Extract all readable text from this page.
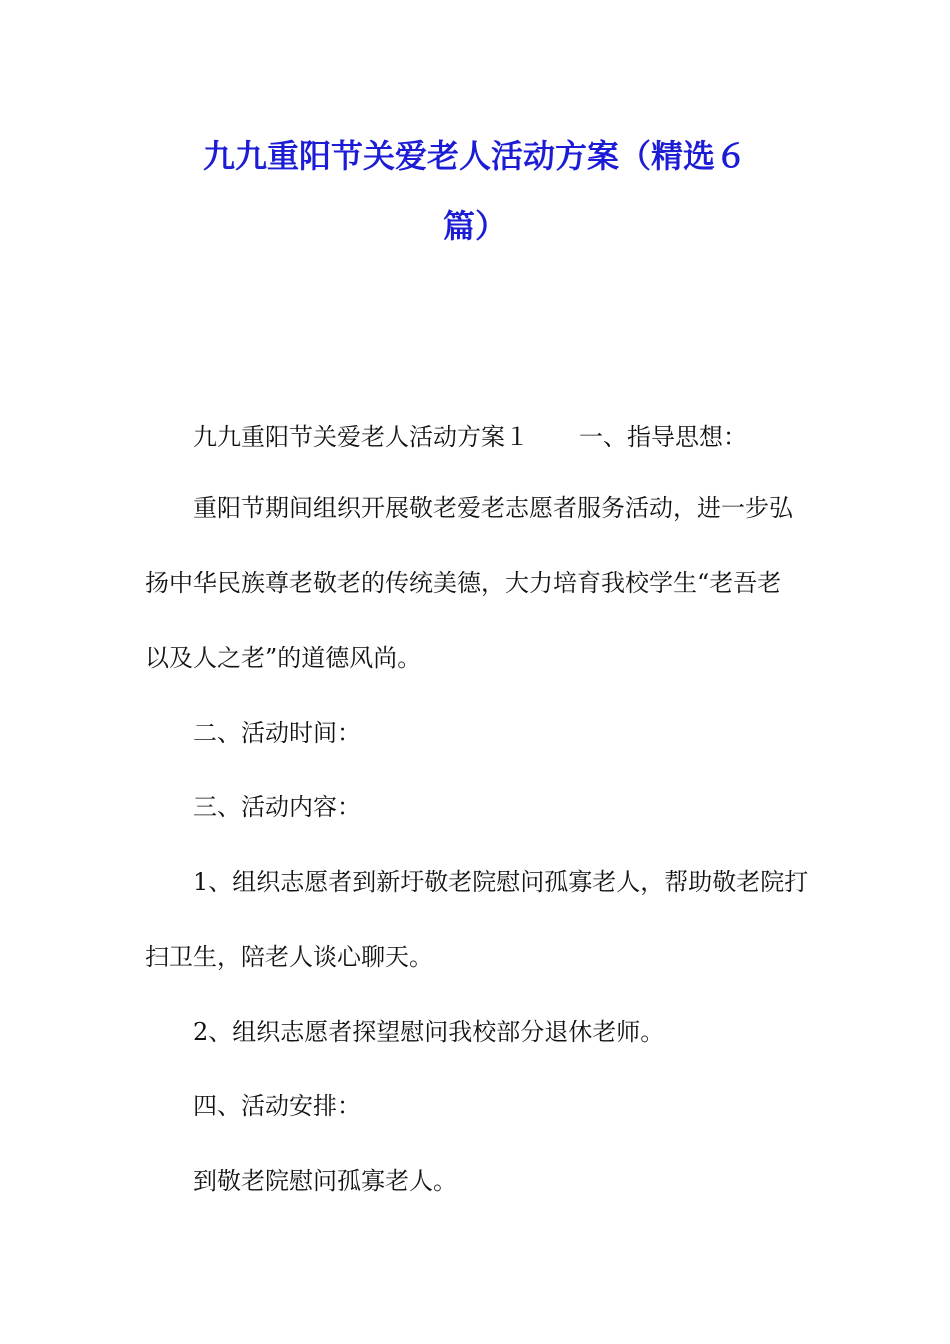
九九重阳节关爱老人活动方案（精选６
篇）
九九重阳节关爱老人活动方案１ 一、指导思想：
重阳节期间组织开展敬老爱老志愿者服务活动，进一步弘
扬中华民族尊老敬老的传统美德，大力培育我校学生“老吾老
以及人之老”的道德风尚。
二、活动时间：
三、活动内容：
1、组织志愿者到新圩敬老院慰问孤寡老人，帮助敬老院打
扫卫生，陪老人谈心聊天。
2、组织志愿者探望慰问我校部分退休老师。
四、活动安排：
到敬老院慰问孤寡老人。
